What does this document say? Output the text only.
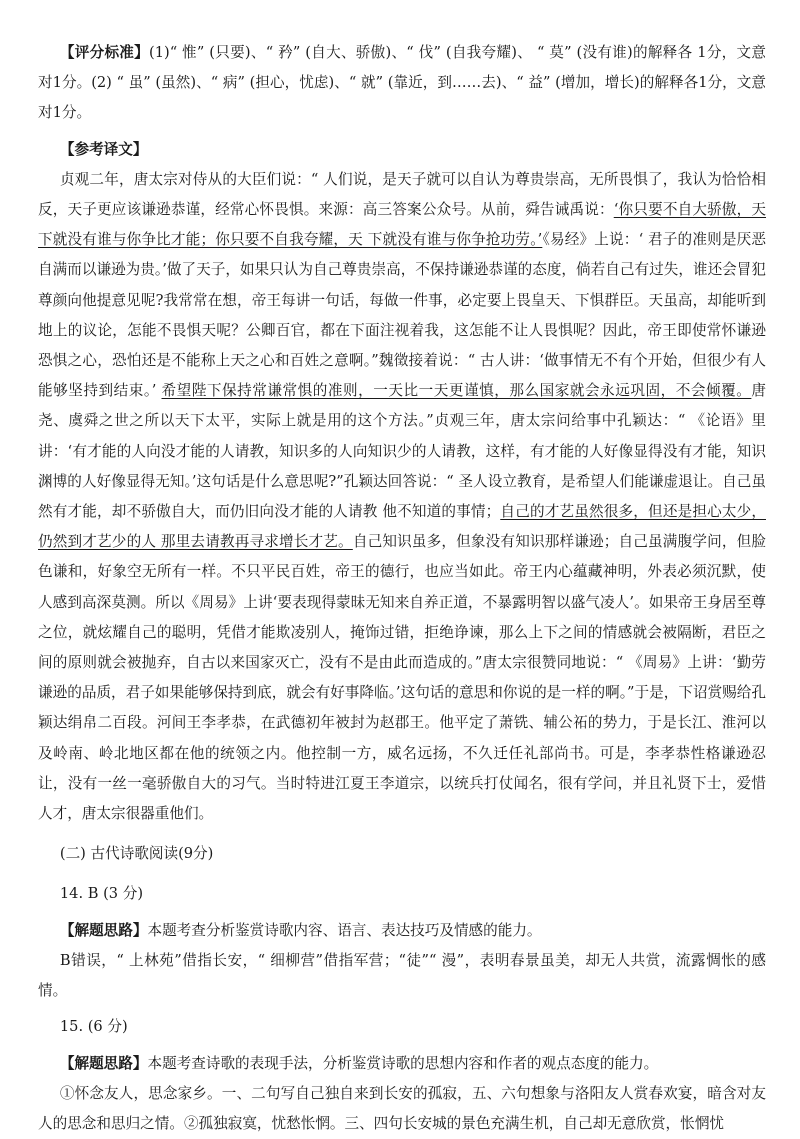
【评分标准】(1)“ 惟” (只要)、“ 矜” (自大、骄傲)、“ 伐” (自我夸耀)、 “ 莫” (没有谁)的解释各 1分，文意对1分。(2) “ 虽” (虽然)、“ 病” (担心，忧虑)、“ 就” (靠近，到……去)、“ 益” (增加，增长)的解释各1分，文意对1分。

【参考译文】

贞观二年，唐太宗对侍从的大臣们说：“ 人们说，是天子就可以自认为尊贵崇高，无所畏惧了，我认为恰恰相反，天子更应该谦逊恭谨，经常心怀畏惧。来源：高三答案公众号。从前，舜告诫禹说：‘你只要不自大骄傲，天下就没有谁与你争比才能；你只要不自我夸耀，天 下就没有谁与你争抢功劳。’《易经》上说：‘ 君子的准则是厌恶自满而以谦逊为贵。’做了天子，如果只认为自己尊贵崇高，不保持谦逊恭谨的态度，倘若自己有过失，谁还会冒犯尊颜向他提意见呢?我常常在想，帝王每讲一句话，每做一件事，必定要上畏皇天、下惧群臣。天虽高，却能听到地上的议论，怎能不畏惧天呢？公卿百官，都在下面注视着我，这怎能不让人畏惧呢？因此，帝王即使常怀谦逊恐惧之心，恐怕还是不能称上天之心和百姓之意啊。”魏徵接着说：“ 古人讲：‘做事情无不有个开始，但很少有人能够坚持到结束。’ 希望陛下保持常谦常惧的准则，一天比一天更谨慎，那么国家就会永远巩固，不会倾覆。唐尧、虞舜之世之所以天下太平，实际上就是用的这个方法。”贞观三年，唐太宗问给事中孔颖达：“ 《论语》里讲：‘有才能的人向没才能的人请教，知识多的人向知识少的人请教，这样，有才能的人好像显得没有才能，知识渊博的人好像显得无知。’这句话是什么意思呢?”孔颖达回答说：“ 圣人设立教育，是希望人们能谦虚退让。自己虽然有才能，却不骄傲自大，而仍旧向没才能的人请教 他不知道的事情；自己的才艺虽然很多，但还是担心太少，仍然到才艺少的人 那里去请教再寻求增长才艺。自己知识虽多，但象没有知识那样谦逊；自己虽满腹学问，但脸色谦和，好象空无所有一样。不只平民百姓，帝王的德行，也应当如此。帝王内心蕴藏神明，外表必须沉默，使人感到高深莫测。所以《周易》上讲‘要表现得蒙昧无知来自养正道，不暴露明智以盛气凌人’。如果帝王身居至尊之位，就炫耀自己的聪明，凭借才能欺凌别人，掩饰过错，拒绝诤谏，那么上下之间的情感就会被隔断，君臣之间的原则就会被抛弃，自古以来国家灭亡，没有不是由此而造成的。”唐太宗很赞同地说：“ 《周易》上讲：‘勤劳谦逊的品质，君子如果能够保持到底，就会有好事降临。’这句话的意思和你说的是一样的啊。”于是，下诏赏赐给孔颖达绢帛二百段。河间王李孝恭，在武德初年被封为赵郡王。他平定了萧铣、辅公祏的势力，于是长江、淮河以及岭南、岭北地区都在他的统领之内。他控制一方，威名远扬，不久迁任礼部尚书。可是，李孝恭性格谦逊忍让，没有一丝一毫骄傲自大的习气。当时特进江夏王李道宗，以统兵打仗闻名，很有学问，并且礼贤下士，爱惜人才，唐太宗很器重他们。

(二) 古代诗歌阅读(9分)

14. B (3 分)

【解题思路】本题考查分析鉴赏诗歌内容、语言、表达技巧及情感的能力。

B错误，“ 上林苑”借指长安，“ 细柳营”借指军营；“徒”“ 漫”，表明春景虽美，却无人共赏，流露惆怅的感情。

15. (6 分)

【解题思路】本题考查诗歌的表现手法，分析鉴赏诗歌的思想内容和作者的观点态度的能力。

①怀念友人，思念家乡。一、二句写自己独自来到长安的孤寂，五、六句想象与洛阳友人赏春欢宴，暗含对友人的思念和思归之情。②孤独寂寞，忧愁怅惘。三、四句长安城的景色充满生机，自己却无意欣赏，怅惘忧
